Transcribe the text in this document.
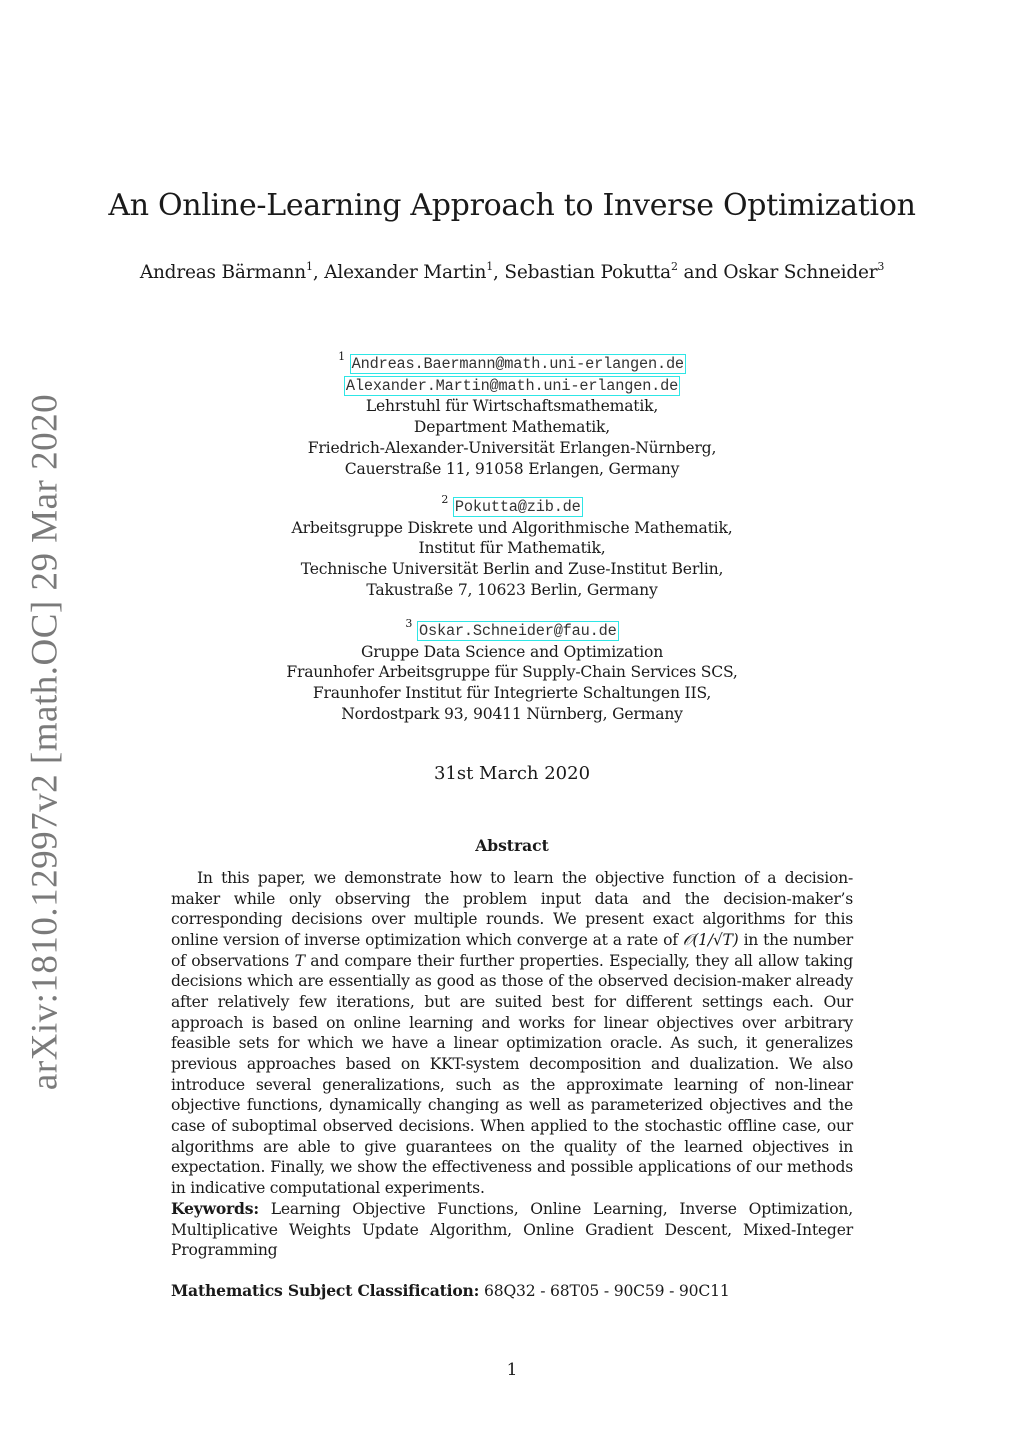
arXiv:1810.12997v2 [math.OC] 29 Mar 2020
An Online-Learning Approach to Inverse Optimization
Andreas Bärmann$^1$, Alexander Martin$^1$, Sebastian Pokutta$^2$ and Oskar Schneider$^3$
$^1$ Andreas.Baermann@math.uni-erlangen.de
Alexander.Martin@math.uni-erlangen.de
Lehrstuhl für Wirtschaftsmathematik,
Department Mathematik,
Friedrich-Alexander-Universität Erlangen-Nürnberg,
Cauerstraße 11, 91058 Erlangen, Germany
$^2$ Pokutta@zib.de
Arbeitsgruppe Diskrete und Algorithmische Mathematik,
Institut für Mathematik,
Technische Universität Berlin and Zuse-Institut Berlin,
Takustraße 7, 10623 Berlin, Germany
$^3$ Oskar.Schneider@fau.de
Gruppe Data Science and Optimization
Fraunhofer Arbeitsgruppe für Supply-Chain Services SCS,
Fraunhofer Institut für Integrierte Schaltungen IIS,
Nordostpark 93, 90411 Nürnberg, Germany
31st March 2020
Abstract

In this paper, we demonstrate how to learn the objective function of a decision-maker while only observing the problem input data and the decision-maker’s corresponding decisions over multiple rounds. We present exact algorithms for this online version of inverse optimization which converge at a rate of 𝒪(1/√T) in the number of observations T and compare their further properties. Especially, they all allow taking decisions which are essentially as good as those of the observed decision-maker already after relatively few iterations, but are suited best for different settings each. Our approach is based on online learning and works for linear objectives over arbitrary feasible sets for which we have a linear optimization oracle. As such, it generalizes previous approaches based on KKT-system decomposition and dualization. We also introduce several generalizations, such as the approximate learning of non-linear objective functions, dynamically changing as well as parameterized objectives and the case of suboptimal observed decisions. When applied to the stochastic offline case, our algorithms are able to give guarantees on the quality of the learned objectives in expectation. Finally, we show the effectiveness and possible applications of our methods in indicative computational experiments.

Keywords: Learning Objective Functions, Online Learning, Inverse Optimization, Multiplicative Weights Update Algorithm, Online Gradient Descent, Mixed-Integer Programming

Mathematics Subject Classification: 68Q32 - 68T05 - 90C59 - 90C11

1
